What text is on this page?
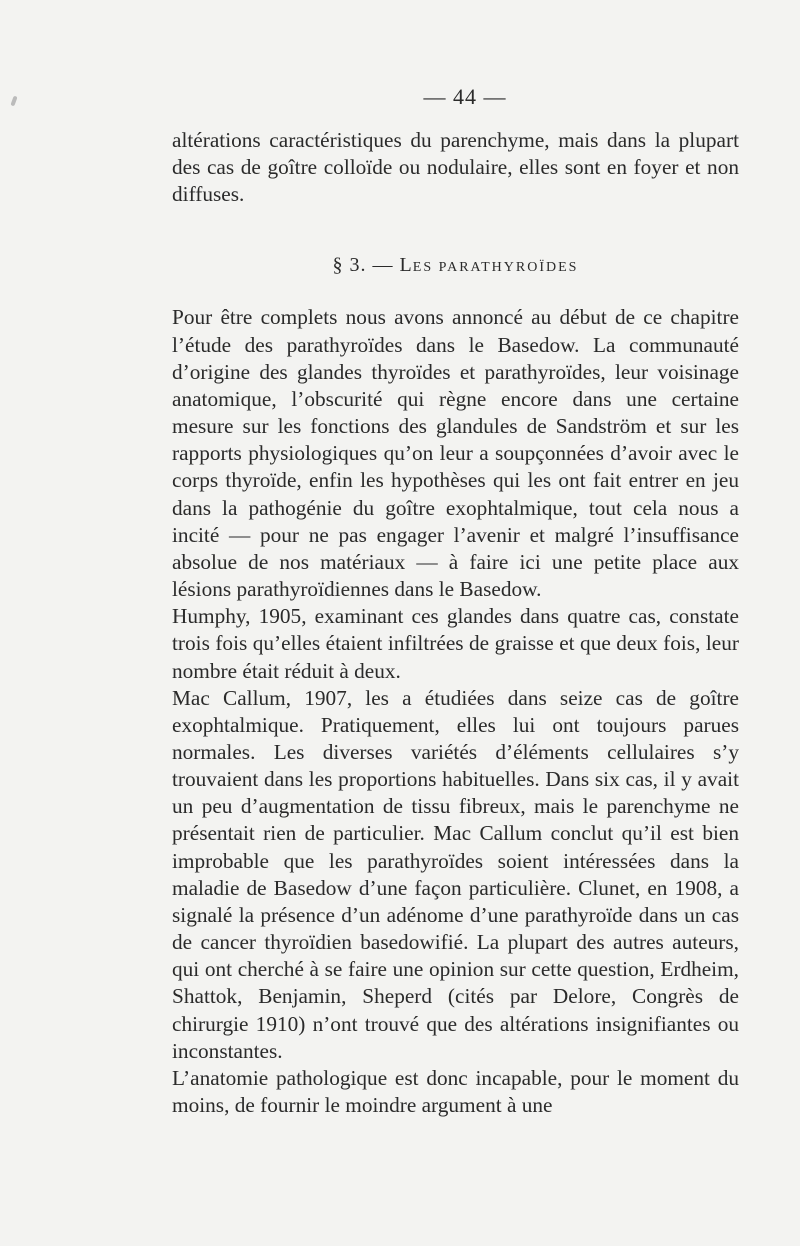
— 44 —

altérations caractéristiques du parenchyme, mais dans la plupart des cas de goître colloïde ou nodulaire, elles sont en foyer et non diffuses.

§ 3. — LES PARATHYROÏDES

Pour être complets nous avons annoncé au début de ce chapitre l’étude des parathyroïdes dans le Basedow. La communauté d’origine des glandes thyroïdes et parathyroïdes, leur voisinage anatomique, l’obscurité qui règne encore dans une certaine mesure sur les fonctions des glandules de Sandström et sur les rapports physiologiques qu’on leur a soupçonnées d’avoir avec le corps thyroïde, enfin les hypothèses qui les ont fait entrer en jeu dans la pathogénie du goître exophtalmique, tout cela nous a incité — pour ne pas engager l’avenir et malgré l’insuffisance absolue de nos matériaux — à faire ici une petite place aux lésions parathyroïdiennes dans le Basedow.

Humphy, 1905, examinant ces glandes dans quatre cas, constate trois fois qu’elles étaient infiltrées de graisse et que deux fois, leur nombre était réduit à deux.

Mac Callum, 1907, les a étudiées dans seize cas de goître exophtalmique. Pratiquement, elles lui ont toujours parues normales. Les diverses variétés d’éléments cellulaires s’y trouvaient dans les proportions habituelles. Dans six cas, il y avait un peu d’augmentation de tissu fibreux, mais le parenchyme ne présentait rien de particulier. Mac Callum conclut qu’il est bien improbable que les parathyroïdes soient intéressées dans la maladie de Basedow d’une façon particulière. Clunet, en 1908, a signalé la présence d’un adénome d’une parathyroïde dans un cas de cancer thyroïdien basedowifié. La plupart des autres auteurs, qui ont cherché à se faire une opinion sur cette question, Erdheim, Shattok, Benjamin, Sheperd (cités par Delore, Congrès de chirurgie 1910) n’ont trouvé que des altérations insignifiantes ou inconstantes.

L’anatomie pathologique est donc incapable, pour le moment du moins, de fournir le moindre argument à une
